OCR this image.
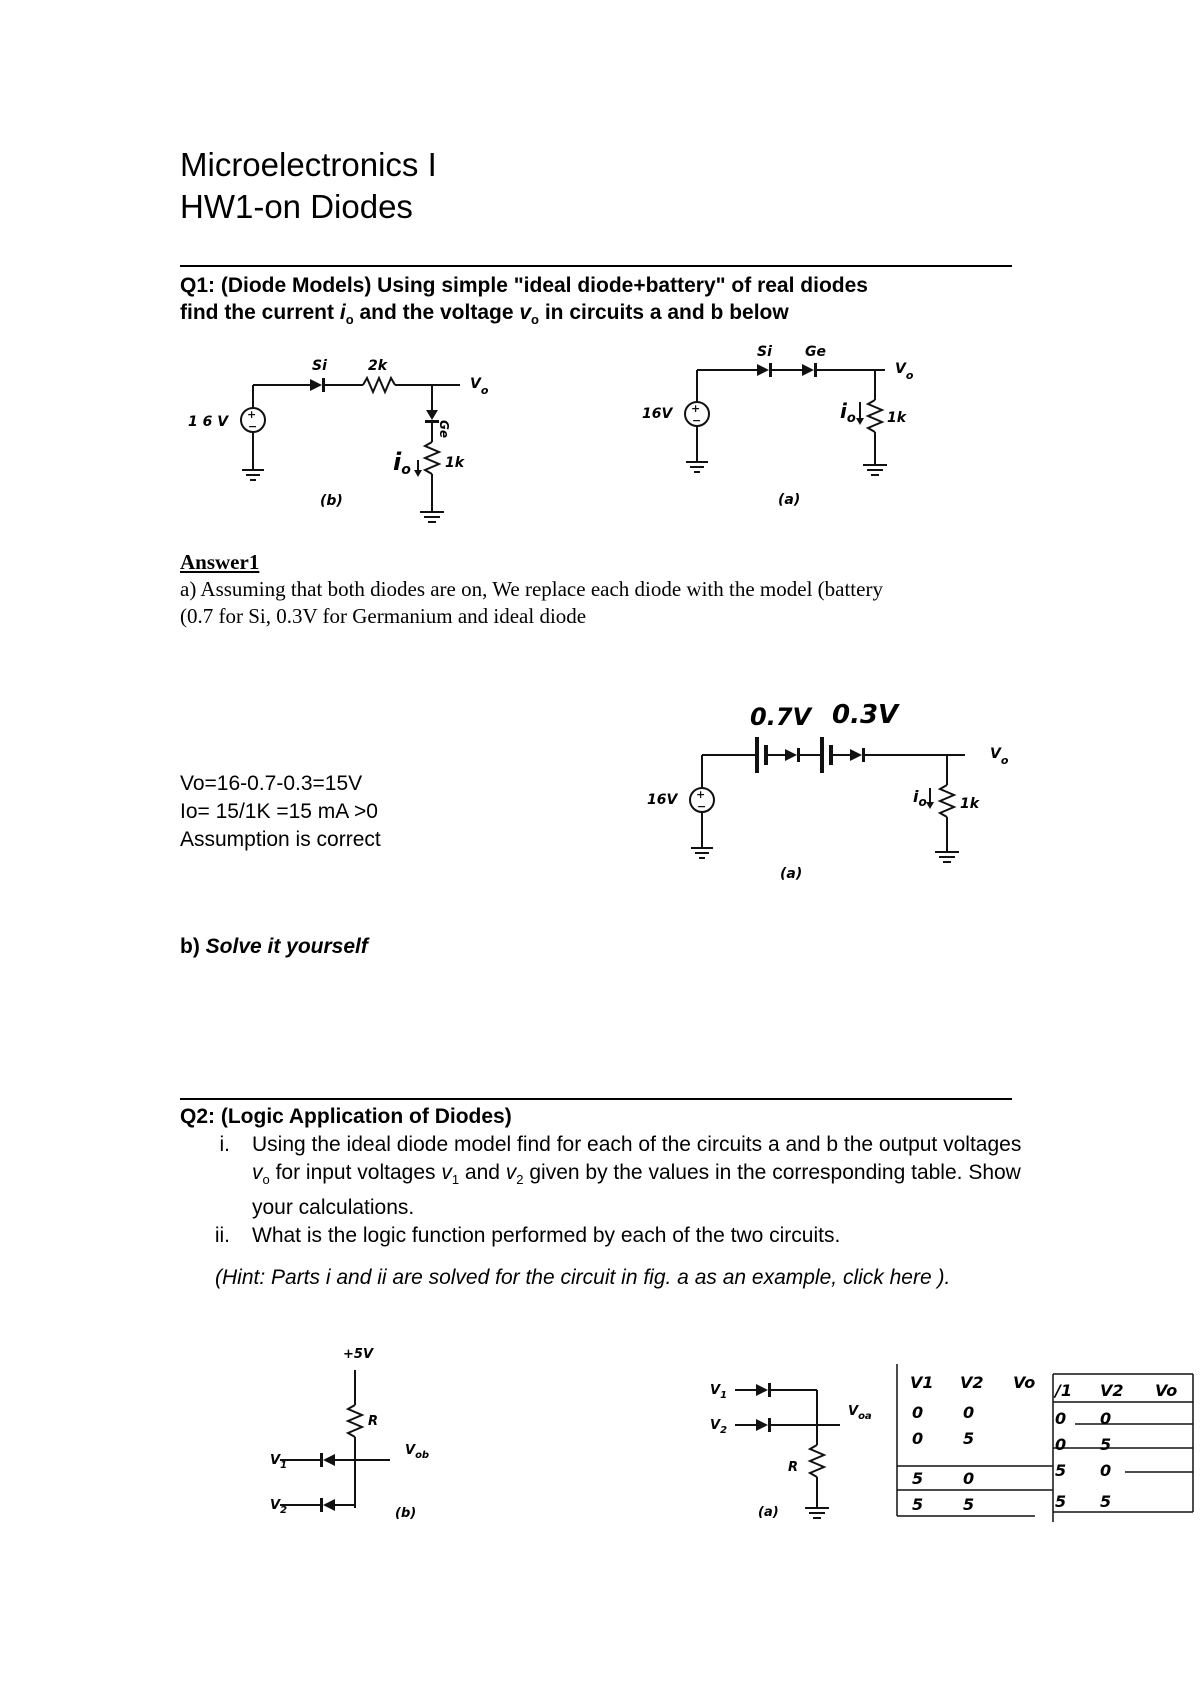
Microelectronics I
HW1-on Diodes
Q1: (Diode Models) Using simple "ideal diode+battery" of real diodes
find the current $i_o$ and the voltage $v_o$ in circuits a and b below
+
−
1 6 V
Si	2k
Ge
1k
io
$V_o$
(b)
+
−
16V
Si Ge
1k
$i_o$
$V_o$
(a)
Answer1
a) Assuming that both diodes are on, We replace each diode with the model (battery
(0.7 for Si, 0.3V for Germanium and ideal diode
Vo=16-0.7-0.3=15V
Io= 15/1K =15 mA >0
Assumption is correct
+
−
0.7V 0.3V
16V	1k
$i_o$
$V_o$
(a)
b) Solve it yourself
Q2: (Logic Application of Diodes)
i.	Using the ideal diode model find for each of the circuits a and b the output voltages $v_o$ for input voltages $v_1$ and $v_2$ given by the values in the corresponding table. Show your calculations.
ii.	What is the logic function performed by each of the two circuits.
(Hint: Parts i and ii are solved for the circuit in fig. a as an example, click here ).
+5V
R
$V_1$
$V_2$
$V_{ob}$
(b)
$V_1$
$V_2$
$V_{oa}$
R
(a)
V1 V2 Vo
0 0
0 5
5 0
5 5
/1 V2 Vo
0 0
0 5
5 0
5 5
